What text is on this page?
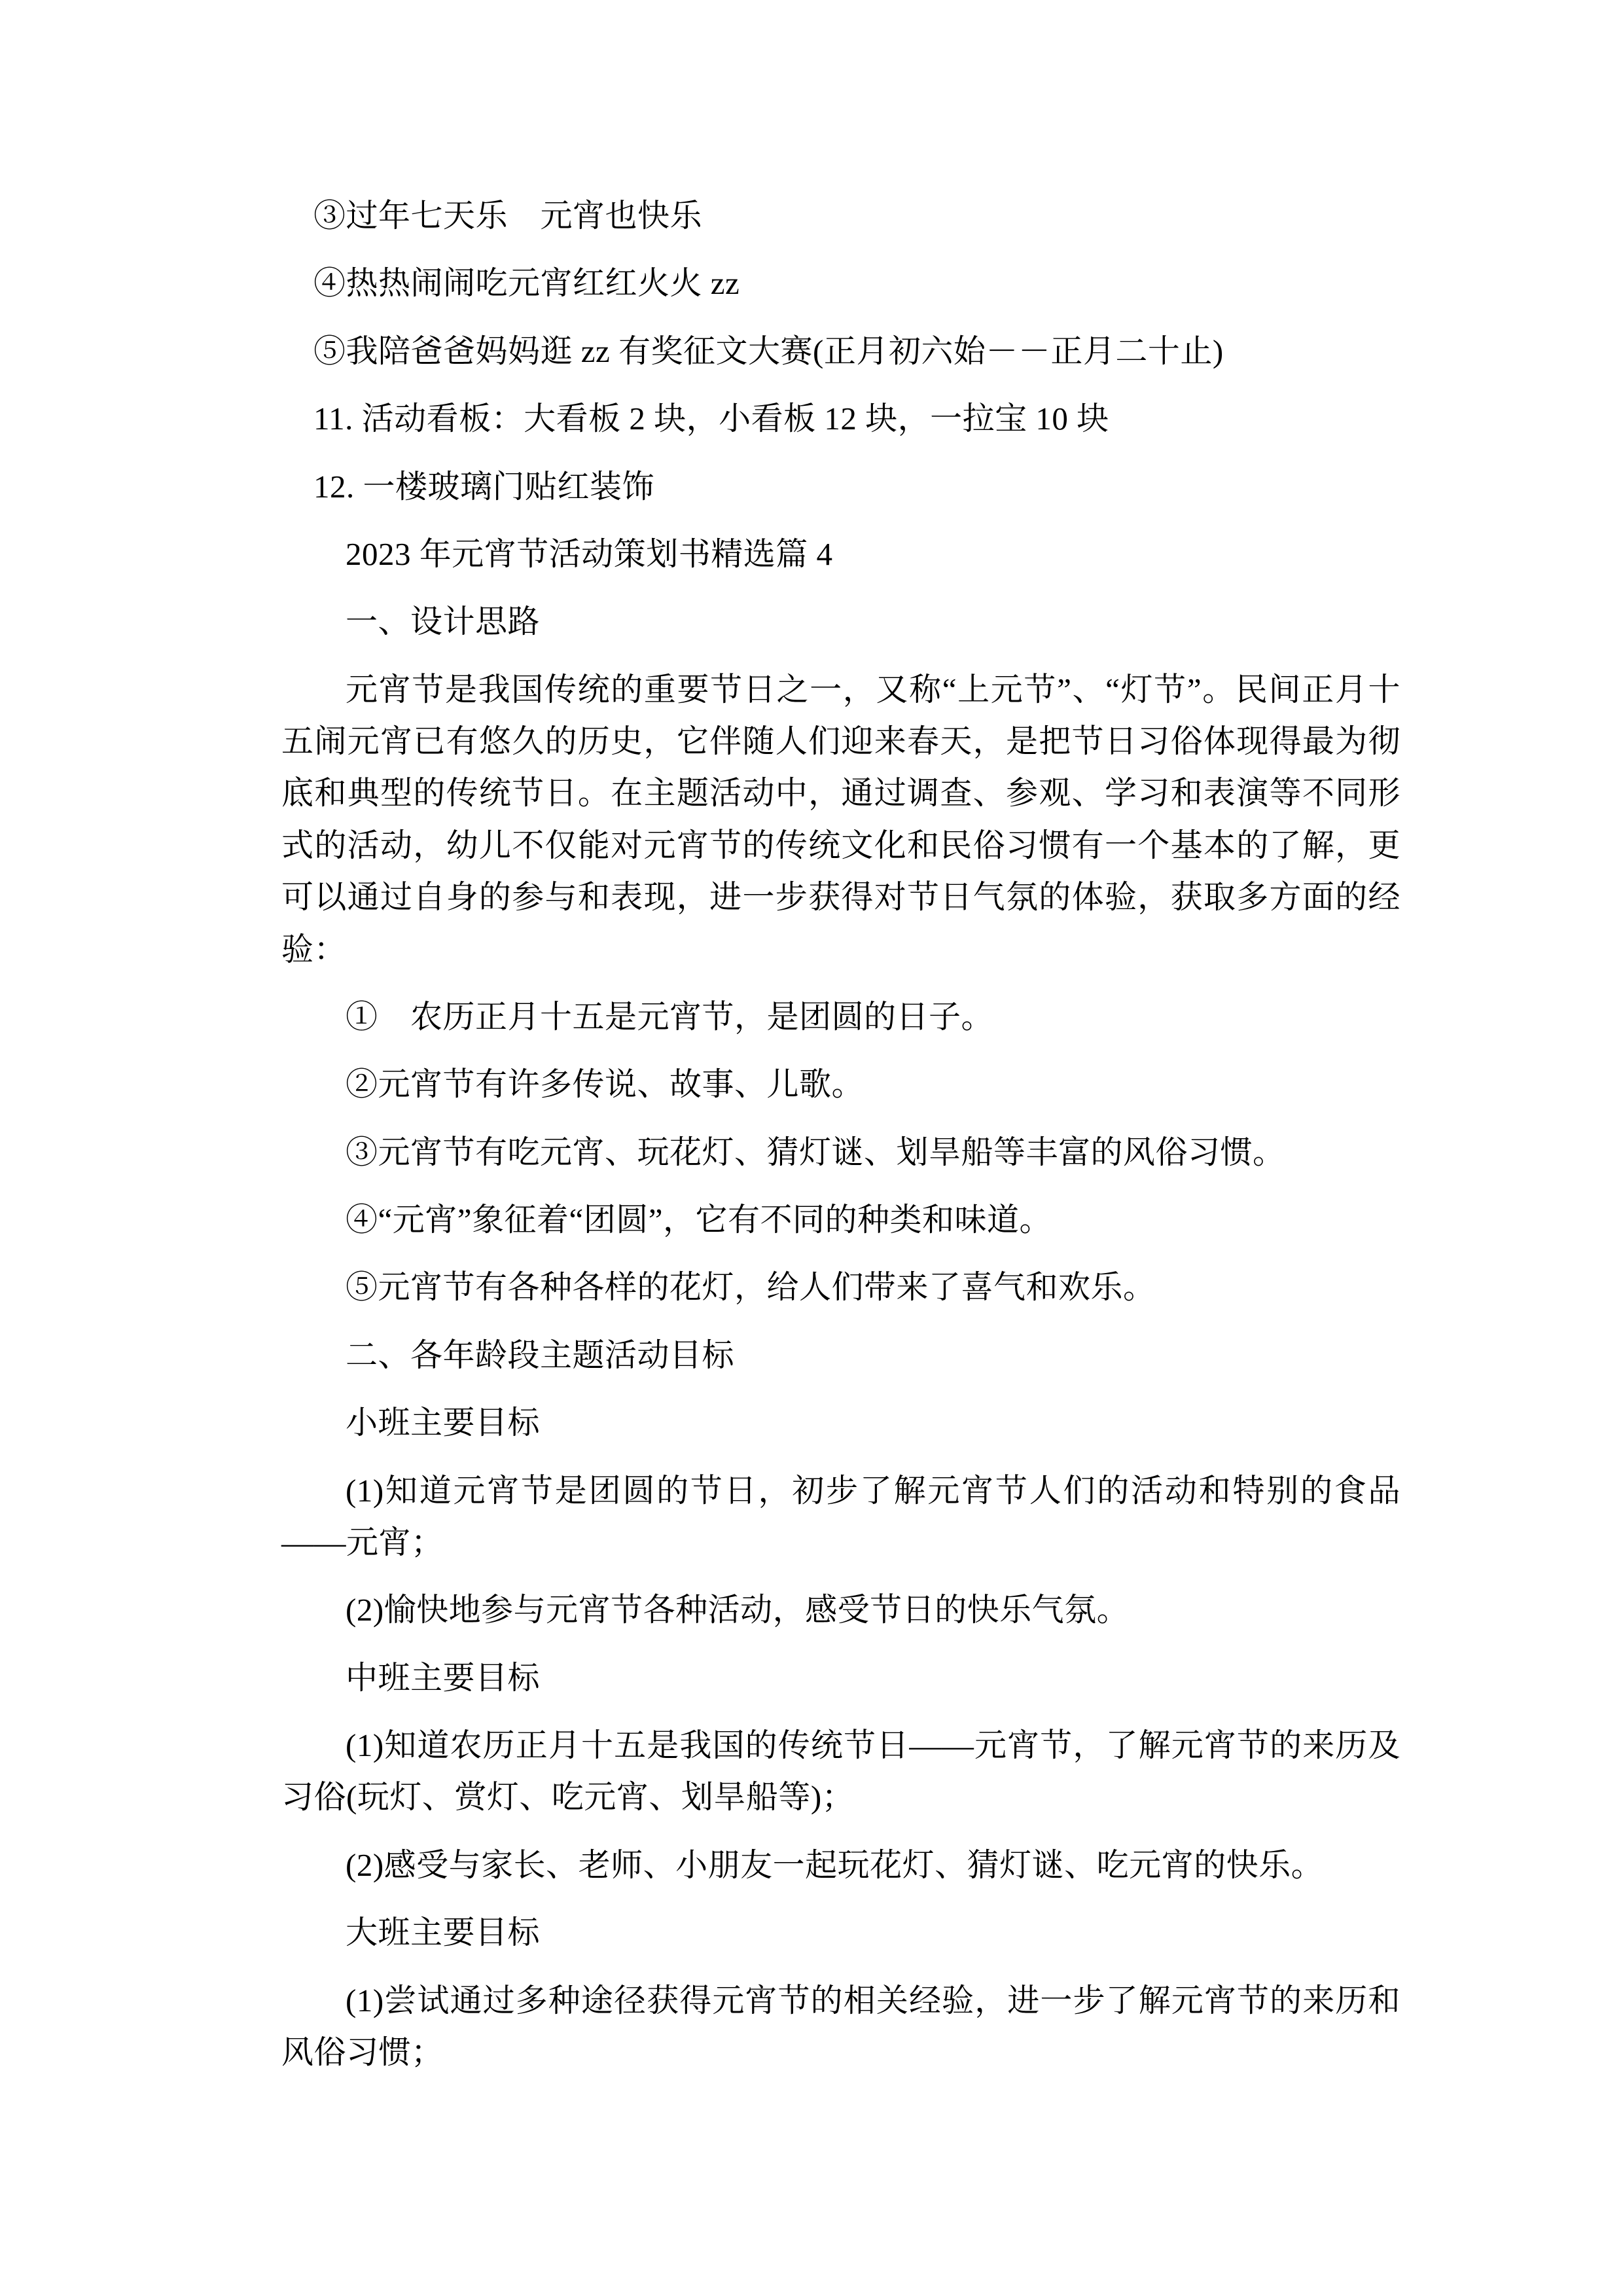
③过年七天乐　元宵也快乐

④热热闹闹吃元宵红红火火 zz

⑤我陪爸爸妈妈逛 zz 有奖征文大赛(正月初六始－－正月二十止)

11. 活动看板：大看板 2 块，小看板 12 块，一拉宝 10 块

12. 一楼玻璃门贴红装饰

2023 年元宵节活动策划书精选篇 4

一、设计思路

元宵节是我国传统的重要节日之一，又称“上元节”、“灯节”。民间正月十五闹元宵已有悠久的历史，它伴随人们迎来春天，是把节日习俗体现得最为彻底和典型的传统节日。在主题活动中，通过调查、参观、学习和表演等不同形式的活动，幼儿不仅能对元宵节的传统文化和民俗习惯有一个基本的了解，更可以通过自身的参与和表现，进一步获得对节日气氛的体验，获取多方面的经验：

①　农历正月十五是元宵节，是团圆的日子。

②元宵节有许多传说、故事、儿歌。

③元宵节有吃元宵、玩花灯、猜灯谜、划旱船等丰富的风俗习惯。

④“元宵”象征着“团圆”，它有不同的种类和味道。

⑤元宵节有各种各样的花灯，给人们带来了喜气和欢乐。

二、各年龄段主题活动目标

小班主要目标

(1)知道元宵节是团圆的节日，初步了解元宵节人们的活动和特别的食品——元宵；

(2)愉快地参与元宵节各种活动，感受节日的快乐气氛。

中班主要目标

(1)知道农历正月十五是我国的传统节日——元宵节，了解元宵节的来历及习俗(玩灯、赏灯、吃元宵、划旱船等)；

(2)感受与家长、老师、小朋友一起玩花灯、猜灯谜、吃元宵的快乐。

大班主要目标

(1)尝试通过多种途径获得元宵节的相关经验，进一步了解元宵节的来历和风俗习惯；
